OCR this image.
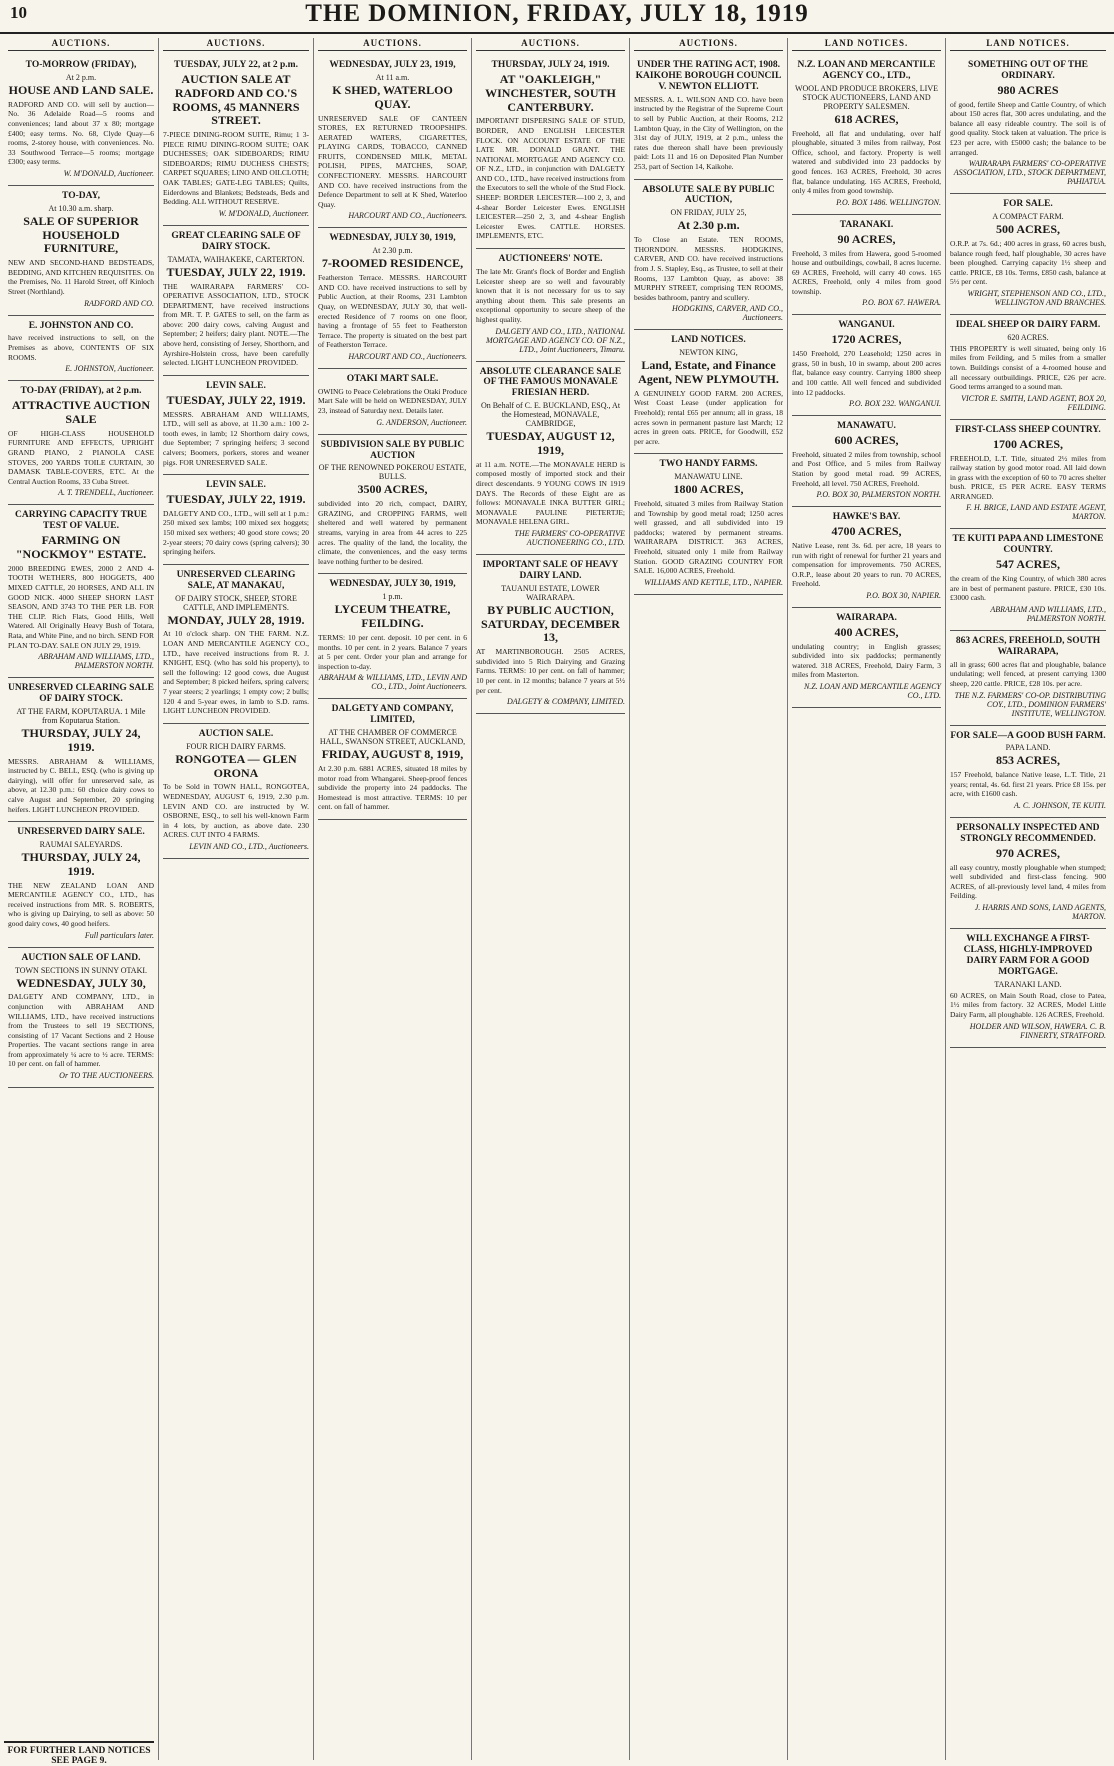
10	THE DOMINION, FRIDAY, JULY 18, 1919
AUCTIONS.
TO-MORROW (FRIDAY),
At 2 p.m.
HOUSE AND LAND SALE.

RADFORD AND CO. will sell by auction— No. 36 Adelaide Road—5 rooms and conveniences; land about 37 x 80; mortgage £400; easy terms. No. 68, Clyde Quay—6 rooms, 2-storey house, with conveniences. No. 33 Southwood Terrace—5 rooms; mortgage £300; easy terms.

W. M'DONALD, Auctioneer.
TO-DAY,
At 10.30 a.m. sharp.
SALE OF SUPERIOR HOUSEHOLD FURNITURE,

NEW AND SECOND-HAND BEDSTEADS, BEDDING, AND KITCHEN REQUISITES. On the Premises, No. 11 Harold Street, off Kinloch Street (Northland).

RADFORD AND CO.
E. JOHNSTON AND CO.

have received instructions to sell, on the Premises as above, CONTENTS OF SIX ROOMS.

E. JOHNSTON, Auctioneer.
TO-DAY (FRIDAY), at 2 p.m.
ATTRACTIVE AUCTION SALE

OF HIGH-CLASS HOUSEHOLD FURNITURE AND EFFECTS, UPRIGHT GRAND PIANO, 2 PIANOLA CASE STOVES, 200 YARDS TOILE CURTAIN, 30 DAMASK TABLE-COVERS, ETC. At the Central Auction Rooms, 33 Cuba Street.

A. T. TRENDELL, Auctioneer.
CARRYING CAPACITY TRUE TEST OF VALUE.
FARMING ON "NOCKMOY" ESTATE.

2000 BREEDING EWES, 2000 2 AND 4-TOOTH WETHERS, 800 HOGGETS, 400 MIXED CATTLE, 20 HORSES, AND ALL IN GOOD NICK. 4000 SHEEP SHORN LAST SEASON, AND 3743 TO THE PER LB. FOR THE CLIP. Rich Flats, Good Hills, Well Watered. All Originally Heavy Bush of Totara, Rata, and White Pine, and no birch. SEND FOR PLAN TO-DAY. SALE ON JULY 29, 1919.

ABRAHAM AND WILLIAMS, LTD., PALMERSTON NORTH.
UNRESERVED CLEARING SALE OF DAIRY STOCK.
AT THE FARM, KOPUTARUA. 1 Mile from Koputarua Station.
THURSDAY, JULY 24, 1919.

MESSRS. ABRAHAM & WILLIAMS, instructed by C. BELL, ESQ. (who is giving up dairying), will offer for unreserved sale, as above, at 12.30 p.m.: 60 choice dairy cows to calve August and September, 20 springing heifers. LIGHT LUNCHEON PROVIDED.

UNRESERVED DAIRY SALE.
RAUMAI SALEYARDS.
THURSDAY, JULY 24, 1919.

THE NEW ZEALAND LOAN AND MERCANTILE AGENCY CO., LTD., has received instructions from MR. S. ROBERTS, who is giving up Dairying, to sell as above: 50 good dairy cows, 40 good heifers.

Full particulars later.
AUCTION SALE OF LAND.
TOWN SECTIONS IN SUNNY OTAKI.
WEDNESDAY, JULY 30,

DALGETY AND COMPANY, LTD., in conjunction with ABRAHAM AND WILLIAMS, LTD., have received instructions from the Trustees to sell 19 SECTIONS, consisting of 17 Vacant Sections and 2 House Properties. The vacant sections range in area from approximately ¼ acre to ½ acre. TERMS: 10 per cent. on fall of hammer.

Or TO THE AUCTIONEERS.
AUCTIONS.
TUESDAY, JULY 22, at 2 p.m.
AUCTION SALE AT RADFORD AND CO.'S ROOMS, 45 MANNERS STREET.

7-PIECE DINING-ROOM SUITE, Rimu; 1 3-PIECE RIMU DINING-ROOM SUITE; OAK DUCHESSES; OAK SIDEBOARDS; RIMU SIDEBOARDS; RIMU DUCHESS CHESTS; CARPET SQUARES; LINO AND OILCLOTH; OAK TABLES; GATE-LEG TABLES; Quilts, Eiderdowns and Blankets; Bedsteads, Beds and Bedding. ALL WITHOUT RESERVE.

W. M'DONALD, Auctioneer.
GREAT CLEARING SALE OF DAIRY STOCK.
TAMATA, WAIHAKEKE, CARTERTON.
TUESDAY, JULY 22, 1919.

THE WAIRARAPA FARMERS' CO-OPERATIVE ASSOCIATION, LTD., STOCK DEPARTMENT, have received instructions from MR. T. P. GATES to sell, on the farm as above: 200 dairy cows, calving August and September; 2 heifers; dairy plant. NOTE.—The above herd, consisting of Jersey, Shorthorn, and Ayrshire-Holstein cross, have been carefully selected. LIGHT LUNCHEON PROVIDED.

LEVIN SALE.
TUESDAY, JULY 22, 1919.

MESSRS. ABRAHAM AND WILLIAMS, LTD., will sell as above, at 11.30 a.m.: 100 2-tooth ewes, in lamb; 12 Shorthorn dairy cows, due September; 7 springing heifers; 3 second calvers; Boomers, porkers, stores and weaner pigs. FOR UNRESERVED SALE.

LEVIN SALE.
TUESDAY, JULY 22, 1919.

DALGETY AND CO., LTD., will sell at 1 p.m.: 250 mixed sex lambs; 100 mixed sex hoggets; 150 mixed sex wethers; 40 good store cows; 20 2-year steers; 70 dairy cows (spring calvers); 30 springing heifers.

UNRESERVED CLEARING SALE, AT MANAKAU,
OF DAIRY STOCK, SHEEP, STORE CATTLE, AND IMPLEMENTS.
MONDAY, JULY 28, 1919.

At 10 o'clock sharp. ON THE FARM. N.Z. LOAN AND MERCANTILE AGENCY CO., LTD., have received instructions from R. J. KNIGHT, ESQ. (who has sold his property), to sell the following: 12 good cows, due August and September; 8 picked heifers, spring calvers; 7 year steers; 2 yearlings; 1 empty cow; 2 bulls; 120 4 and 5-year ewes, in lamb to S.D. rams. LIGHT LUNCHEON PROVIDED.

AUCTION SALE.
FOUR RICH DAIRY FARMS.
RONGOTEA — GLEN ORONA

To be Sold in TOWN HALL, RONGOTEA, WEDNESDAY, AUGUST 6, 1919, 2.30 p.m. LEVIN AND CO. are instructed by W. OSBORNE, ESQ., to sell his well-known Farm in 4 lots, by auction, as above date. 230 ACRES. CUT INTO 4 FARMS.

LEVIN AND CO., LTD., Auctioneers.
AUCTIONS.
WEDNESDAY, JULY 23, 1919,
At 11 a.m.
K SHED, WATERLOO QUAY.

UNRESERVED SALE OF CANTEEN STORES, EX RETURNED TROOPSHIPS. AERATED WATERS, CIGARETTES, PLAYING CARDS, TOBACCO, CANNED FRUITS, CONDENSED MILK, METAL POLISH, PIPES, MATCHES, SOAP, CONFECTIONERY. MESSRS. HARCOURT AND CO. have received instructions from the Defence Department to sell at K Shed, Waterloo Quay.

HARCOURT AND CO., Auctioneers.
WEDNESDAY, JULY 30, 1919,
At 2.30 p.m.
7-ROOMED RESIDENCE,

Featherston Terrace. MESSRS. HARCOURT AND CO. have received instructions to sell by Public Auction, at their Rooms, 231 Lambton Quay, on WEDNESDAY, JULY 30, that well-erected Residence of 7 rooms on one floor, having a frontage of 55 feet to Featherston Terrace. The property is situated on the best part of Featherston Terrace.

HARCOURT AND CO., Auctioneers.
OTAKI MART SALE.

OWING to Peace Celebrations the Otaki Produce Mart Sale will be held on WEDNESDAY, JULY 23, instead of Saturday next. Details later.

G. ANDERSON, Auctioneer.
SUBDIVISION SALE BY PUBLIC AUCTION
OF THE RENOWNED POKEROU ESTATE, BULLS.
3500 ACRES,

subdivided into 20 rich, compact, DAIRY, GRAZING, and CROPPING FARMS, well sheltered and well watered by permanent streams, varying in area from 44 acres to 225 acres. The quality of the land, the locality, the climate, the conveniences, and the easy terms leave nothing further to be desired.

WEDNESDAY, JULY 30, 1919,
1 p.m.
LYCEUM THEATRE, FEILDING.

TERMS: 10 per cent. deposit. 10 per cent. in 6 months. 10 per cent. in 2 years. Balance 7 years at 5 per cent. Order your plan and arrange for inspection to-day.

ABRAHAM & WILLIAMS, LTD., LEVIN AND CO., LTD., Joint Auctioneers.
DALGETY AND COMPANY, LIMITED,
AT THE CHAMBER OF COMMERCE HALL, SWANSON STREET, AUCKLAND,
FRIDAY, AUGUST 8, 1919,

At 2.30 p.m. 6881 ACRES, situated 18 miles by motor road from Whangarei. Sheep-proof fences subdivide the property into 24 paddocks. The Homestead is most attractive. TERMS: 10 per cent. on fall of hammer.

AUCTIONS.
THURSDAY, JULY 24, 1919.
AT "OAKLEIGH," WINCHESTER, SOUTH CANTERBURY.

IMPORTANT DISPERSING SALE OF STUD, BORDER, AND ENGLISH LEICESTER FLOCK. ON ACCOUNT ESTATE OF THE LATE MR. DONALD GRANT. THE NATIONAL MORTGAGE AND AGENCY CO. OF N.Z., LTD., in conjunction with DALGETY AND CO., LTD., have received instructions from the Executors to sell the whole of the Stud Flock. SHEEP: BORDER LEICESTER—100 2, 3, and 4-shear Border Leicester Ewes. ENGLISH LEICESTER—250 2, 3, and 4-shear English Leicester Ewes. CATTLE. HORSES. IMPLEMENTS, ETC.

AUCTIONEERS' NOTE.

The late Mr. Grant's flock of Border and English Leicester sheep are so well and favourably known that it is not necessary for us to say anything about them. This sale presents an exceptional opportunity to secure sheep of the highest quality.

DALGETY AND CO., LTD., NATIONAL MORTGAGE AND AGENCY CO. OF N.Z., LTD., Joint Auctioneers, Timaru.
ABSOLUTE CLEARANCE SALE OF THE FAMOUS MONAVALE FRIESIAN HERD.
On Behalf of C. E. BUCKLAND, ESQ., At the Homestead, MONAVALE, CAMBRIDGE,
TUESDAY, AUGUST 12, 1919,

at 11 a.m. NOTE.—The MONAVALE HERD is composed mostly of imported stock and their direct descendants. 9 YOUNG COWS IN 1919 DAYS. The Records of these Eight are as follows: MONAVALE INKA BUTTER GIRL; MONAVALE PAULINE PIETERTJE; MONAVALE HELENA GIRL.

THE FARMERS' CO-OPERATIVE AUCTIONEERING CO., LTD.
IMPORTANT SALE OF HEAVY DAIRY LAND.
TAUANUI ESTATE, LOWER WAIRARAPA.
BY PUBLIC AUCTION, SATURDAY, DECEMBER 13,

AT MARTINBOROUGH. 2505 ACRES, subdivided into 5 Rich Dairying and Grazing Farms. TERMS: 10 per cent. on fall of hammer; 10 per cent. in 12 months; balance 7 years at 5½ per cent.

DALGETY & COMPANY, LIMITED.
AUCTIONS.
UNDER THE RATING ACT, 1908. KAIKOHE BOROUGH COUNCIL V. NEWTON ELLIOTT.

MESSRS. A. L. WILSON AND CO. have been instructed by the Registrar of the Supreme Court to sell by Public Auction, at their Rooms, 212 Lambton Quay, in the City of Wellington, on the 31st day of JULY, 1919, at 2 p.m., unless the rates due thereon shall have been previously paid: Lots 11 and 16 on Deposited Plan Number 253, part of Section 14, Kaikohe.

ABSOLUTE SALE BY PUBLIC AUCTION,
ON FRIDAY, JULY 25,
At 2.30 p.m.

To Close an Estate. TEN ROOMS, THORNDON. MESSRS. HODGKINS, CARVER, AND CO. have received instructions from J. S. Stapley, Esq., as Trustee, to sell at their Rooms, 137 Lambton Quay, as above: 38 MURPHY STREET, comprising TEN ROOMS, besides bathroom, pantry and scullery.

HODGKINS, CARVER, AND CO., Auctioneers.
LAND NOTICES.
NEWTON KING,
Land, Estate, and Finance Agent, NEW PLYMOUTH.

A GENUINELY GOOD FARM. 200 ACRES, West Coast Lease (under application for Freehold); rental £65 per annum; all in grass, 18 acres sown in permanent pasture last March; 12 acres in green oats. PRICE, for Goodwill, £52 per acre.

TWO HANDY FARMS.
MANAWATU LINE.
1800 ACRES,

Freehold, situated 3 miles from Railway Station and Township by good metal road; 1250 acres well grassed, and all subdivided into 19 paddocks; watered by permanent streams. WAIRARAPA DISTRICT. 363 ACRES, Freehold, situated only 1 mile from Railway Station. GOOD GRAZING COUNTRY FOR SALE. 16,000 ACRES, Freehold.

WILLIAMS AND KETTLE, LTD., NAPIER.
LAND NOTICES.
N.Z. LOAN AND MERCANTILE AGENCY CO., LTD.,
WOOL AND PRODUCE BROKERS, LIVE STOCK AUCTIONEERS, LAND AND PROPERTY SALESMEN.
618 ACRES,

Freehold, all flat and undulating, over half ploughable, situated 3 miles from railway, Post Office, school, and factory. Property is well watered and subdivided into 23 paddocks by good fences. 163 ACRES, Freehold, 30 acres flat, balance undulating. 165 ACRES, Freehold, only 4 miles from good township.

P.O. BOX 1486. WELLINGTON.
TARANAKI.
90 ACRES,

Freehold, 3 miles from Hawera, good 5-roomed house and outbuildings, cowbail, 8 acres lucerne. 69 ACRES, Freehold, will carry 40 cows. 165 ACRES, Freehold, only 4 miles from good township.

P.O. BOX 67. HAWERA.
WANGANUI.
1720 ACRES,

1450 Freehold, 270 Leasehold; 1250 acres in grass, 50 in bush, 10 in swamp, about 200 acres flat, balance easy country. Carrying 1800 sheep and 100 cattle. All well fenced and subdivided into 12 paddocks.

P.O. BOX 232. WANGANUI.
MANAWATU.
600 ACRES,

Freehold, situated 2 miles from township, school and Post Office, and 5 miles from Railway Station by good metal road. 99 ACRES, Freehold, all level. 750 ACRES, Freehold.

P.O. BOX 30, PALMERSTON NORTH.
HAWKE'S BAY.
4700 ACRES,

Native Lease, rent 3s. 6d. per acre, 18 years to run with right of renewal for further 21 years and compensation for improvements. 750 ACRES, O.R.P., lease about 20 years to run. 70 ACRES, Freehold.

P.O. BOX 30, NAPIER.
WAIRARAPA.
400 ACRES,

undulating country; in English grasses; subdivided into six paddocks; permanently watered. 318 ACRES, Freehold, Dairy Farm, 3 miles from Masterton.

N.Z. LOAN AND MERCANTILE AGENCY CO., LTD.
LAND NOTICES.
SOMETHING OUT OF THE ORDINARY.
980 ACRES

of good, fertile Sheep and Cattle Country, of which about 150 acres flat, 300 acres undulating, and the balance all easy rideable country. The soil is of good quality. Stock taken at valuation. The price is £23 per acre, with £5000 cash; the balance to be arranged.

WAIRARAPA FARMERS' CO-OPERATIVE ASSOCIATION, LTD., STOCK DEPARTMENT, PAHIATUA.
FOR SALE.
A COMPACT FARM.
500 ACRES,

O.R.P. at 7s. 6d.; 400 acres in grass, 60 acres bush, balance rough feed, half ploughable, 30 acres have been ploughed. Carrying capacity 1½ sheep and cattle. PRICE, £8 10s. Terms, £850 cash, balance at 5½ per cent.

WRIGHT, STEPHENSON AND CO., LTD., WELLINGTON AND BRANCHES.
IDEAL SHEEP OR DAIRY FARM.
620 ACRES.

THIS PROPERTY is well situated, being only 16 miles from Feilding, and 5 miles from a smaller town. Buildings consist of a 4-roomed house and all necessary outbuildings. PRICE, £26 per acre. Good terms arranged to a sound man.

VICTOR E. SMITH, LAND AGENT, BOX 20, FEILDING.
FIRST-CLASS SHEEP COUNTRY.
1700 ACRES,

FREEHOLD, L.T. Title, situated 2½ miles from railway station by good motor road. All laid down in grass with the exception of 60 to 70 acres shelter bush. PRICE, £5 PER ACRE. EASY TERMS ARRANGED.

F. H. BRICE, LAND AND ESTATE AGENT, MARTON.
TE KUITI PAPA AND LIMESTONE COUNTRY.
547 ACRES,

the cream of the King Country, of which 380 acres are in best of permanent pasture. PRICE, £30 10s. £3000 cash.

ABRAHAM AND WILLIAMS, LTD., PALMERSTON NORTH.
863 ACRES, FREEHOLD, SOUTH WAIRARAPA,

all in grass; 600 acres flat and ploughable, balance undulating; well fenced, at present carrying 1300 sheep, 220 cattle. PRICE, £28 10s. per acre.

THE N.Z. FARMERS' CO-OP. DISTRIBUTING COY., LTD., DOMINION FARMERS' INSTITUTE, WELLINGTON.
FOR SALE—A GOOD BUSH FARM.
PAPA LAND.
853 ACRES,

157 Freehold, balance Native lease, L.T. Title, 21 years; rental, 4s. 6d. first 21 years. Price £8 15s. per acre, with £1600 cash.

A. C. JOHNSON, TE KUITI.
PERSONALLY INSPECTED AND STRONGLY RECOMMENDED.
970 ACRES,

all easy country, mostly ploughable when stumped; well subdivided and first-class fencing. 900 ACRES, of all-previously level land, 4 miles from Feilding.

J. HARRIS AND SONS, LAND AGENTS, MARTON.
WILL EXCHANGE A FIRST-CLASS, HIGHLY-IMPROVED DAIRY FARM FOR A GOOD MORTGAGE.
TARANAKI LAND.

60 ACRES, on Main South Road, close to Patea, 1½ miles from factory. 32 ACRES, Model Little Dairy Farm, all ploughable. 126 ACRES, Freehold.

HOLDER AND WILSON, HAWERA. C. B. FINNERTY, STRATFORD.
FOR FURTHER LAND NOTICES SEE PAGE 9.
